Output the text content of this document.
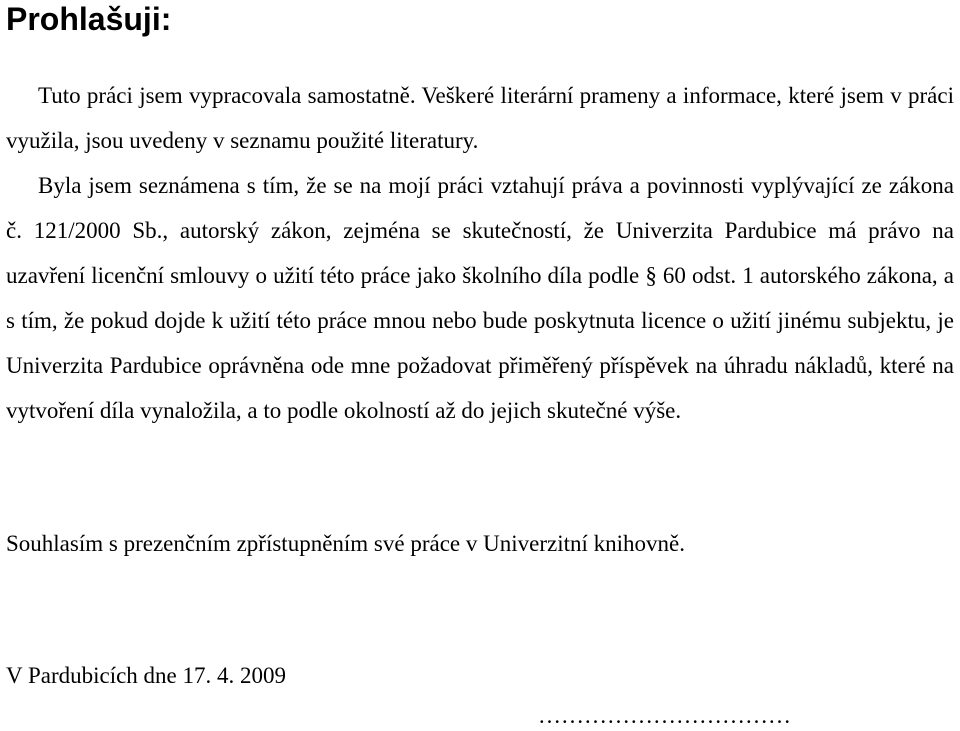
Prohlašuji:

Tuto práci jsem vypracovala samostatně. Veškeré literární prameny a informace, které jsem v práci využila, jsou uvedeny v seznamu použité literatury.

Byla jsem seznámena s tím, že se na mojí práci vztahují práva a povinnosti vyplývající ze zákona č. 121/2000 Sb., autorský zákon, zejména se skutečností, že Univerzita Pardubice má právo na uzavření licenční smlouvy o užití této práce jako školního díla podle § 60 odst. 1 autorského zákona, a s tím, že pokud dojde k užití této práce mnou nebo bude poskytnuta licence o užití jinému subjektu, je Univerzita Pardubice oprávněna ode mne požadovat přiměřený příspěvek na úhradu nákladů, které na vytvoření díla vynaložila, a to podle okolností až do jejich skutečné výše.

Souhlasím s prezenčním zpřístupněním své práce v Univerzitní knihovně.

V Pardubicích dne 17. 4. 2009

……………………………
